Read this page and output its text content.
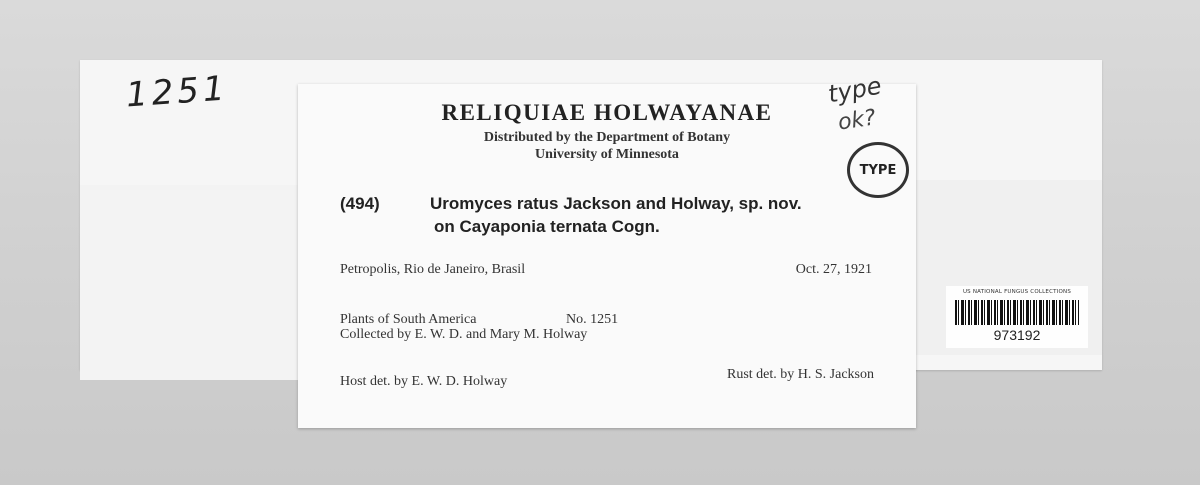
1251	RELIQUIAE HOLWAYANAE
Distributed by the Department of Botany
University of Minnesota
(494)	Uromyces ratus Jackson and Holway, sp. nov.
on Cayaponia ternata Cogn.
Petropolis, Rio de Janeiro, Brasil	Oct. 27, 1921
Plants of South America	No. 1251
Collected by E. W. D. and Mary M. Holway
Host det. by E. W. D. Holway	Rust det. by H. S. Jackson
type
ok?
TYPE
US NATIONAL FUNGUS COLLECTIONS
973192
